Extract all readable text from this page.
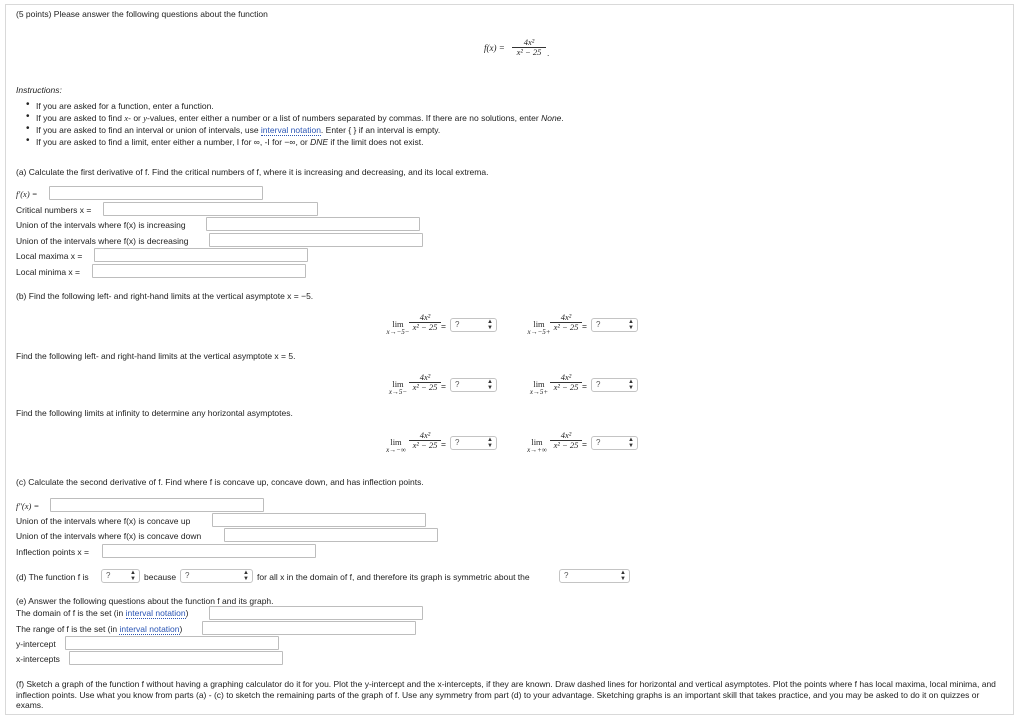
(5 points) Please answer the following questions about the function
$f(x) = \frac{\text{4x²}}{\text{x² − 25}}$ .
Instructions:
• If you are asked for a function, enter a function.
• If you are asked to find x- or y-values, enter either a number or a list of numbers separated by commas. If there are no solutions, enter None.
• If you are asked to find an interval or union of intervals, use interval notation. Enter { } if an interval is empty.
• If you are asked to find a limit, enter either a number, I for ∞, -I for −∞, or DNE if the limit does not exist.
(a) Calculate the first derivative of f. Find the critical numbers of f, where it is increasing and decreasing, and its local extrema.
f′(x) =
Critical numbers x =
Union of the intervals where f(x) is increasing
Union of the intervals where f(x) is decreasing
Local maxima x =
Local minima x =
(b) Find the following left- and right-hand limits at the vertical asymptote x = −5.
lim
$x\to-5- \frac{\text{4x²}}{\text{x² − 25}}$ = ?	▲
▼	lim
$x\to-5+ \frac{\text{4x²}}{\text{x² − 25}}$ = ?	▲
▼
Find the following left- and right-hand limits at the vertical asymptote x = 5.
lim
$x\to 5- \frac{\text{4x²}}{\text{x² − 25}}$ = ?	▲
▼	lim
$x\to 5+ \frac{\text{4x²}}{\text{x² − 25}}$ = ?	▲
▼
Find the following limits at infinity to determine any horizontal asymptotes.
lim
$x\to-\infty \frac{\text{4x²}}{\text{x² − 25}}$ = ?	▲
▼	lim
$x\to+\infty \frac{\text{4x²}}{\text{x² − 25}}$ = ?	▲
▼
(c) Calculate the second derivative of f. Find where f is concave up, concave down, and has inflection points.
f″(x) =
Union of the intervals where f(x) is concave up
Union of the intervals where f(x) is concave down
Inflection points x =
(d) The function f is ?	▲
▼ because ?	▲
▼ for all x in the domain of f, and therefore its graph is symmetric about the	?	▲
▼
(e) Answer the following questions about the function f and its graph.
The domain of f is the set (in interval notation)
The range of f is the set (in interval notation)
y-intercept
x-intercepts
(f) Sketch a graph of the function f without having a graphing calculator do it for you. Plot the y-intercept and the x-intercepts, if they are known. Draw dashed lines for horizontal and vertical asymptotes. Plot the points where f has local maxima, local minima, and inflection points. Use what you know from parts (a) - (c) to sketch the remaining parts of the graph of f. Use any symmetry from part (d) to your advantage. Sketching graphs is an important skill that takes practice, and you may be asked to do it on quizzes or exams.
